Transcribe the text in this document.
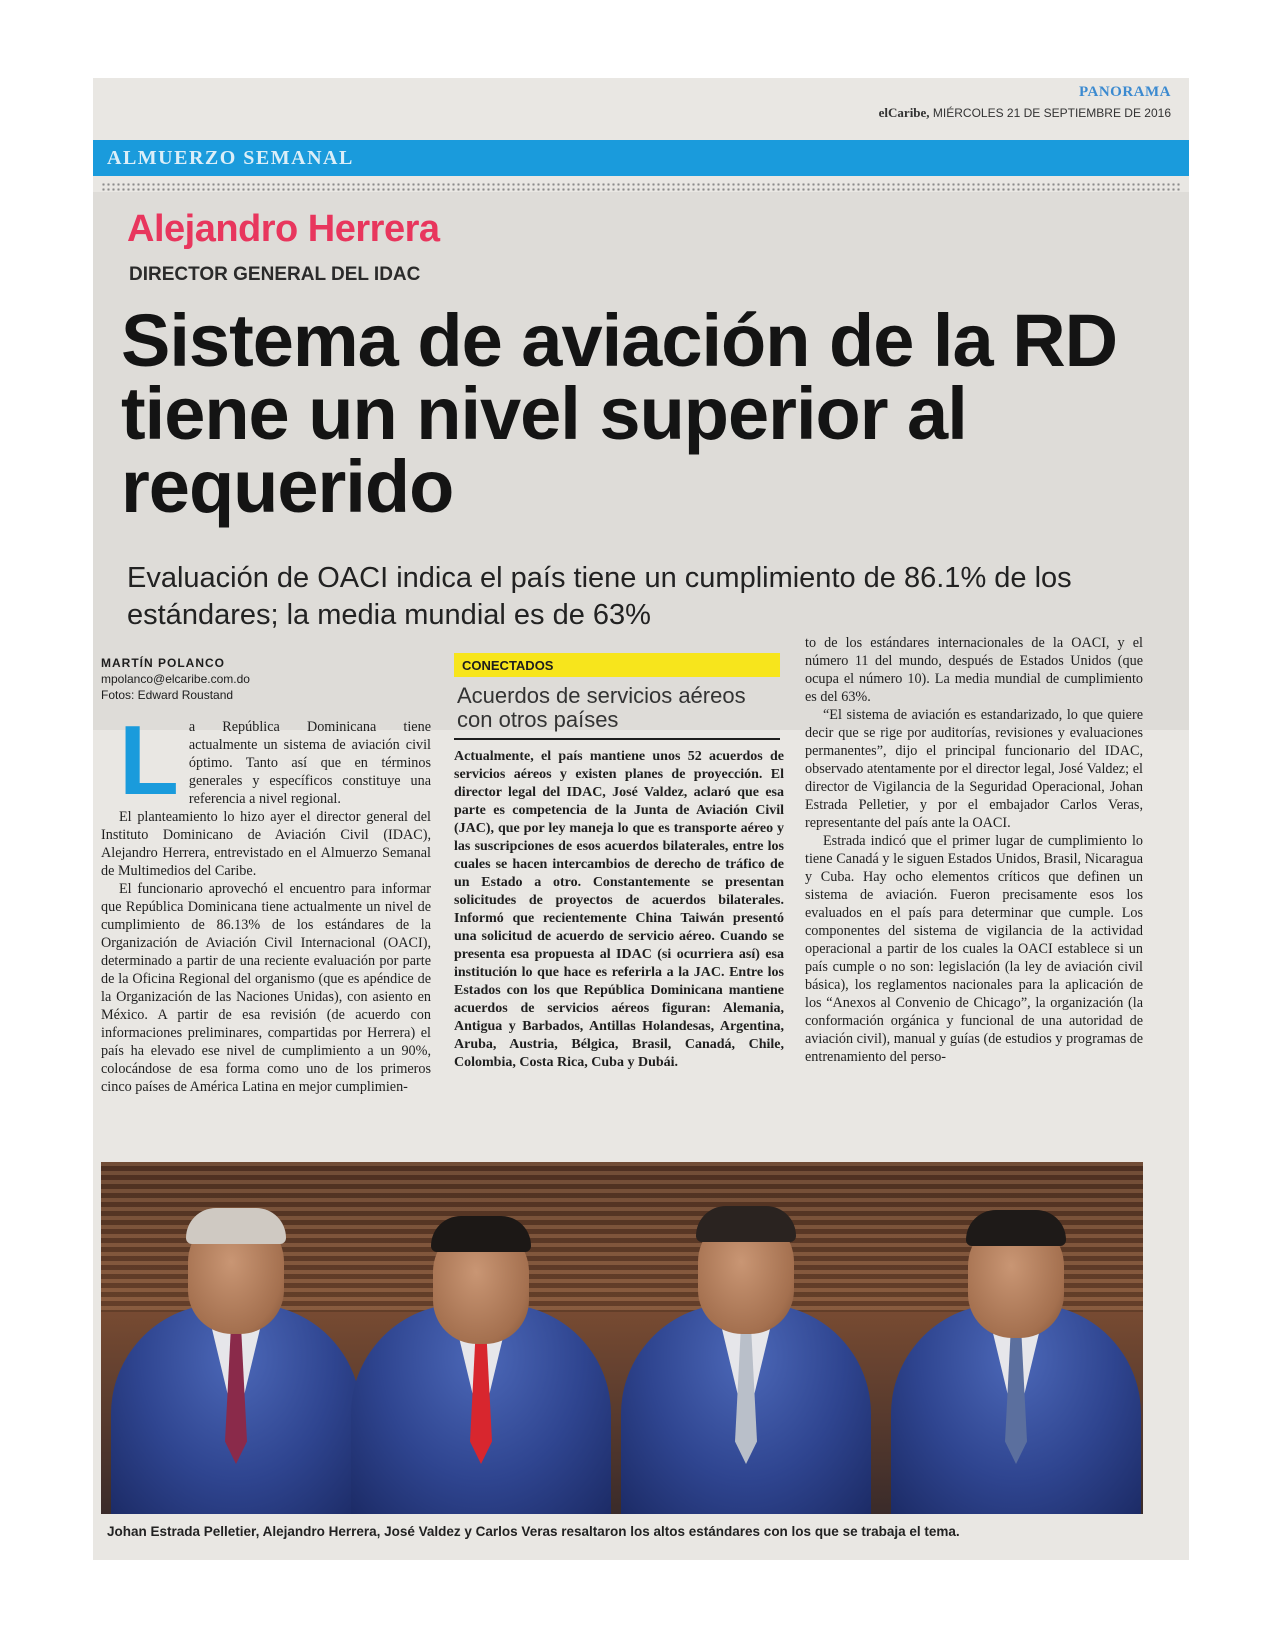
PANORAMA
elCaribe, MIÉRCOLES 21 DE SEPTIEMBRE DE 2016
ALMUERZO SEMANAL
Alejandro Herrera
DIRECTOR GENERAL DEL IDAC
Sistema de aviación de la RD tiene un nivel superior al requerido
Evaluación de OACI indica el país tiene un cumplimiento de 86.1% de los estándares; la media mundial es de 63%
MARTÍN POLANCO
mpolanco@elcaribe.com.do
Fotos: Edward Roustand
L a República Dominicana tiene actualmente un sistema de aviación civil óptimo. Tanto así que en términos generales y específicos constituye una referencia a nivel regional.

El planteamiento lo hizo ayer el director general del Instituto Dominicano de Aviación Civil (IDAC), Alejandro Herrera, entrevistado en el Almuerzo Semanal de Multimedios del Caribe.

El funcionario aprovechó el encuentro para informar que República Dominicana tiene actualmente un nivel de cumplimiento de 86.13% de los estándares de la Organización de Aviación Civil Internacional (OACI), determinado a partir de una reciente evaluación por parte de la Oficina Regional del organismo (que es apéndice de la Organización de las Naciones Unidas), con asiento en México. A partir de esa revisión (de acuerdo con informaciones preliminares, compartidas por Herrera) el país ha elevado ese nivel de cumplimiento a un 90%, colocándose de esa forma como uno de los primeros cinco países de América Latina en mejor cumplimien-

CONECTADOS
Acuerdos de servicios aéreos con otros países
Actualmente, el país mantiene unos 52 acuerdos de servicios aéreos y existen planes de proyección. El director legal del IDAC, José Valdez, aclaró que esa parte es competencia de la Junta de Aviación Civil (JAC), que por ley maneja lo que es transporte aéreo y las suscripciones de esos acuerdos bilaterales, entre los cuales se hacen intercambios de derecho de tráfico de un Estado a otro. Constantemente se presentan solicitudes de proyectos de acuerdos bilaterales. Informó que recientemente China Taiwán presentó una solicitud de acuerdo de servicio aéreo. Cuando se presenta esa propuesta al IDAC (si ocurriera así) esa institución lo que hace es referirla a la JAC. Entre los Estados con los que República Dominicana mantiene acuerdos de servicios aéreos figuran: Alemania, Antigua y Barbados, Antillas Holandesas, Argentina, Aruba, Austria, Bélgica, Brasil, Canadá, Chile, Colombia, Costa Rica, Cuba y Dubái.

to de los estándares internacionales de la OACI, y el número 11 del mundo, después de Estados Unidos (que ocupa el número 10). La media mundial de cumplimiento es del 63%.

“El sistema de aviación es estandarizado, lo que quiere decir que se rige por auditorías, revisiones y evaluaciones permanentes”, dijo el principal funcionario del IDAC, observado atentamente por el director legal, José Valdez; el director de Vigilancia de la Seguridad Operacional, Johan Estrada Pelletier, y por el embajador Carlos Veras, representante del país ante la OACI.

Estrada indicó que el primer lugar de cumplimiento lo tiene Canadá y le siguen Estados Unidos, Brasil, Nicaragua y Cuba. Hay ocho elementos críticos que definen un sistema de aviación. Fueron precisamente esos los evaluados en el país para determinar que cumple. Los componentes del sistema de vigilancia de la actividad operacional a partir de los cuales la OACI establece si un país cumple o no son: legislación (la ley de aviación civil básica), los reglamentos nacionales para la aplicación de los “Anexos al Convenio de Chicago”, la organización (la conformación orgánica y funcional de una autoridad de aviación civil), manual y guías (de estudios y programas de entrenamiento del perso-

Johan Estrada Pelletier, Alejandro Herrera, José Valdez y Carlos Veras resaltaron los altos estándares con los que se trabaja el tema.
